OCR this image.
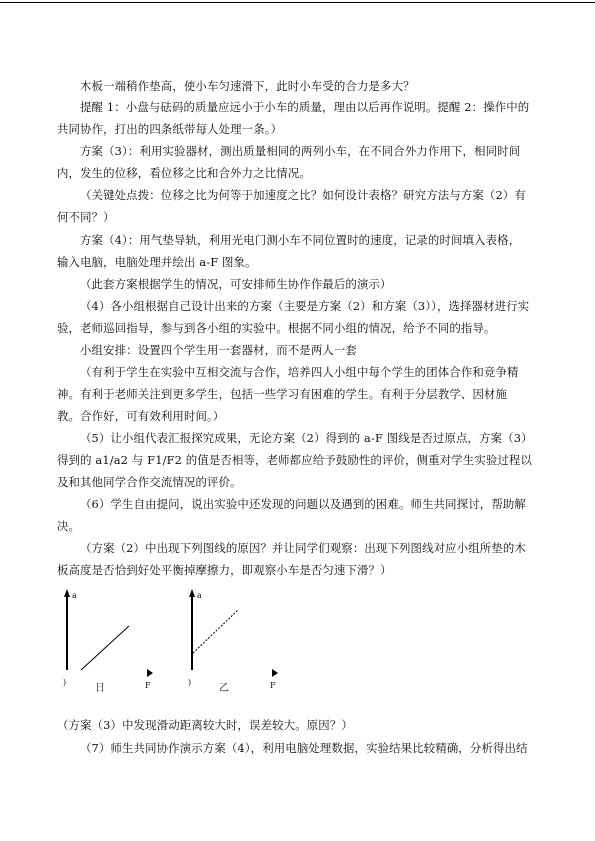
木板一端稍作垫高，使小车匀速滑下，此时小车受的合力是多大？
提醒 1：小盘与砝码的质量应远小于小车的质量，理由以后再作说明。提醒 2：操作中的
共同协作，打出的四条纸带每人处理一条。）
方案（3）：利用实验器材，测出质量相同的两列小车，在不同合外力作用下，相同时间
内，发生的位移，看位移之比和合外力之比情况。
（关键处点拨：位移之比为何等于加速度之比？如何设计表格？研究方法与方案（2）有
何不同？）
方案（4）：用气垫导轨，利用光电门测小车不同位置时的速度，记录的时间填入表格，
输入电脑，电脑处理并绘出 a-F 图象。
（此套方案根据学生的情况，可安排师生协作作最后的演示）
（4）各小组根据自己设计出来的方案（主要是方案（2）和方案（3）），选择器材进行实
验，老师巡回指导，参与到各小组的实验中。根据不同小组的情况，给予不同的指导。
小组安排：设置四个学生用一套器材，而不是两人一套
（有利于学生在实验中互相交流与合作，培养四人小组中每个学生的团体合作和竞争精
神。有利于老师关注到更多学生，包括一些学习有困难的学生。有利于分层教学、因材施
教。合作好，可有效利用时间。）
（5）让小组代表汇报探究成果，无论方案（2）得到的 a-F 图线是否过原点，方案（3）
得到的 a1/a2 与 F1/F2 的值是否相等，老师都应给予鼓励性的评价，侧重对学生实验过程以
及和其他同学合作交流情况的评价。
（6）学生自由提问，说出实验中还发现的问题以及遇到的困难。师生共同探讨，帮助解
决。
（方案（2）中出现下列图线的原因？并让同学们观察：出现下列图线对应小组所垫的木
板高度是否恰到好处平衡掉摩擦力，即观察小车是否匀速下滑？）
a
)	F
日
a
)	F
乙
（方案（3）中发现滑动距离较大时，误差较大。原因？）
（7）师生共同协作演示方案（4），利用电脑处理数据，实验结果比较精确，分析得出结
